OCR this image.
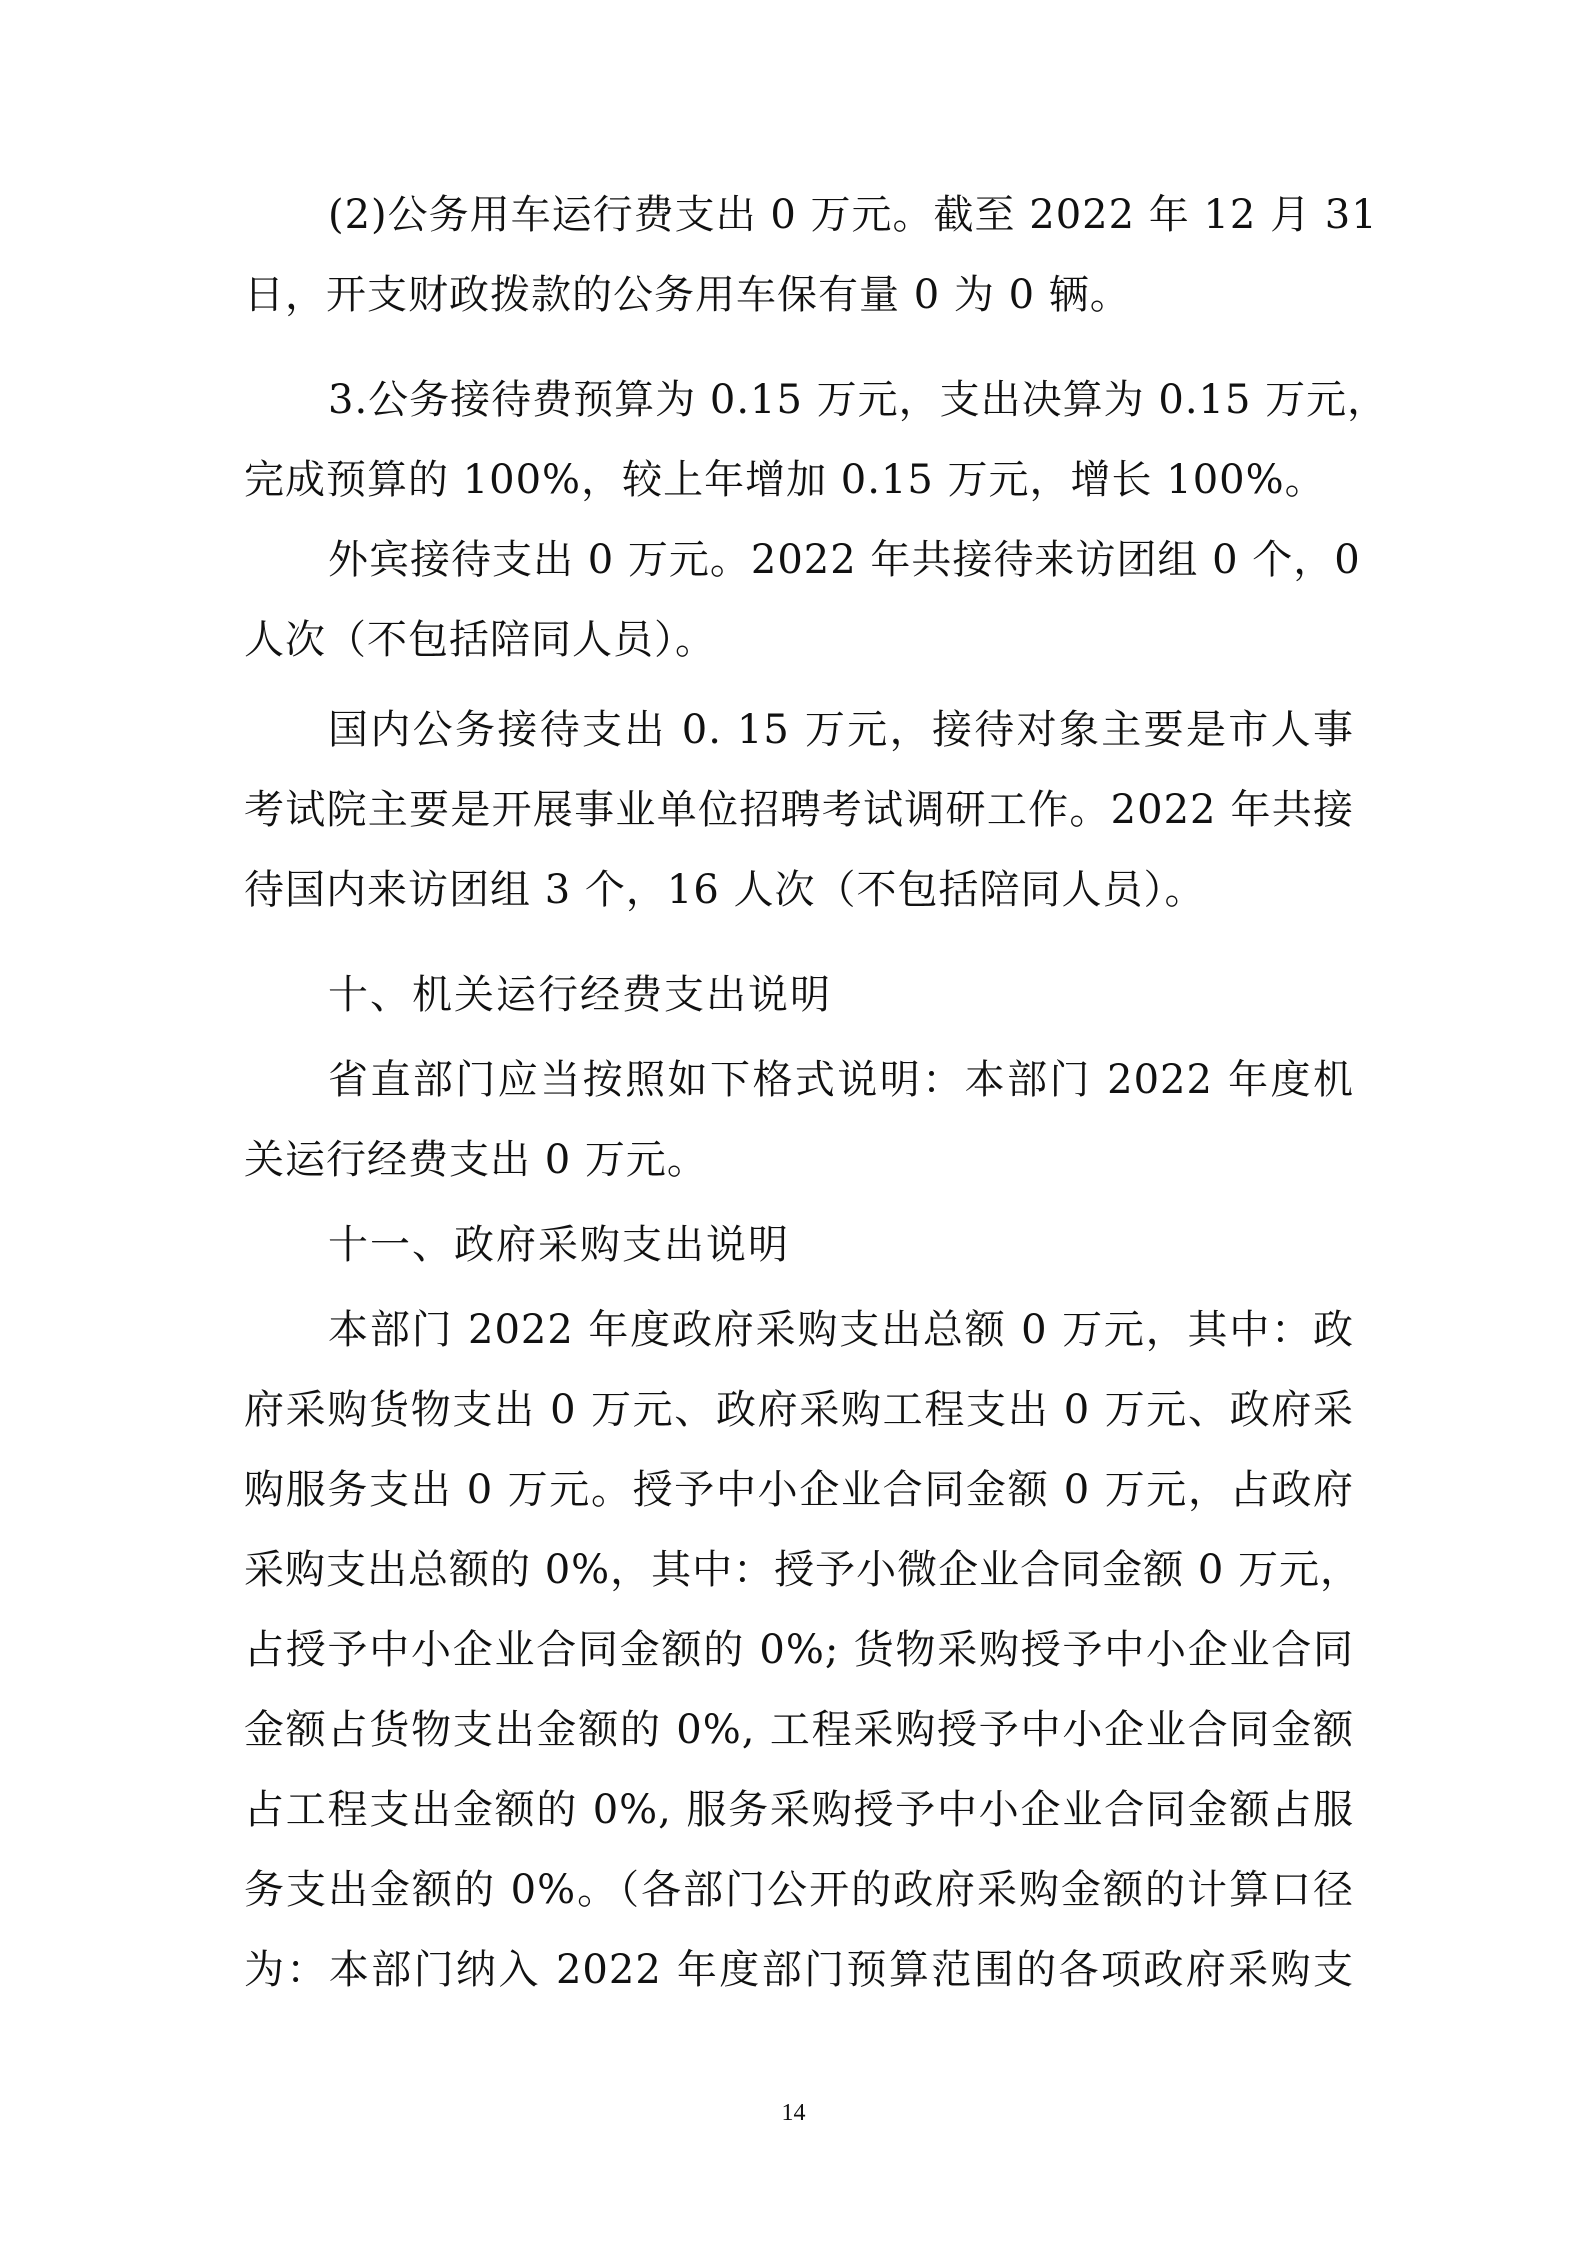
(2)公务用车运行费支出 0 万元。截至 2022 年 12 月 31
日，开支财政拨款的公务用车保有量 0 为 0 辆。
3.公务接待费预算为 0.15 万元，支出决算为 0.15 万元，
完成预算的 100%，较上年增加 0.15 万元，增长 100%。
外宾接待支出 0 万元。2022 年共接待来访团组 0 个，0
人次（不包括陪同人员）。
国内公务接待支出 0. 15 万元，接待对象主要是市人事
考试院主要是开展事业单位招聘考试调研工作。2022 年共接
待国内来访团组 3 个，16 人次（不包括陪同人员）。
十、机关运行经费支出说明
省直部门应当按照如下格式说明：本部门 2022 年度机
关运行经费支出 0 万元。
十一、政府采购支出说明
本部门 2022 年度政府采购支出总额 0 万元，其中：政
府采购货物支出 0 万元、政府采购工程支出 0 万元、政府采
购服务支出 0 万元。授予中小企业合同金额 0 万元，占政府
采购支出总额的 0%，其中：授予小微企业合同金额 0 万元，
占授予中小企业合同金额的 0%; 货物采购授予中小企业合同
金额占货物支出金额的 0%, 工程采购授予中小企业合同金额
占工程支出金额的 0%, 服务采购授予中小企业合同金额占服
务支出金额的 0%。（各部门公开的政府采购金额的计算口径
为：本部门纳入 2022 年度部门预算范围的各项政府采购支
14
